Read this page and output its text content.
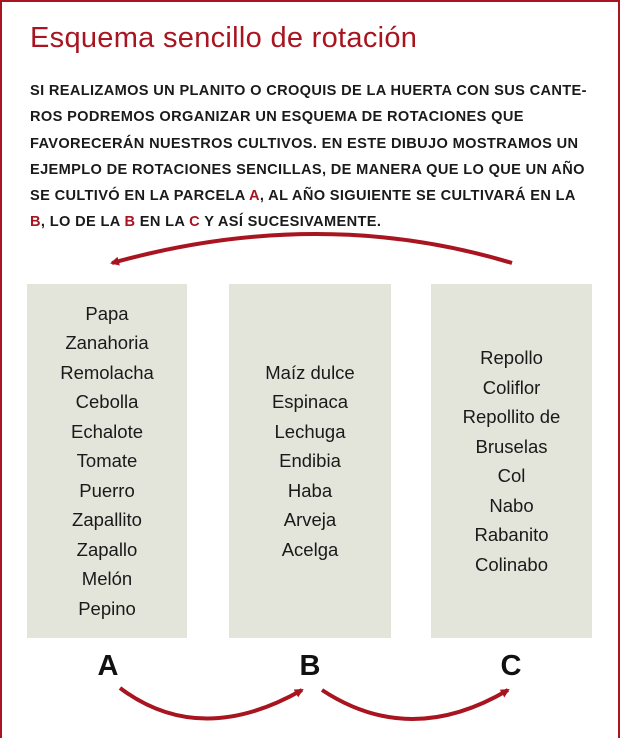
Esquema sencillo de rotación
SI REALIZAMOS UN PLANITO O CROQUIS DE LA HUERTA CON SUS CANTEROS PODREMOS ORGANIZAR UN ESQUEMA DE ROTACIONES QUE FAVORECERÁN NUESTROS CULTIVOS. EN ESTE DIBUJO MOSTRAMOS UN EJEMPLO DE ROTACIONES SENCILLAS, DE MANERA QUE LO QUE UN AÑO SE CULTIVÓ EN LA PARCELA A, AL AÑO SIGUIENTE SE CULTIVARÁ EN LA B, LO DE LA B EN LA C Y ASÍ SUCESIVAMENTE.
Papa
Zanahoria
Remolacha
Cebolla
Echalote
Tomate
Puerro
Zapallito
Zapallo
Melón
Pepino
Maíz dulce
Espinaca
Lechuga
Endibia
Haba
Arveja
Acelga
Repollo
Coliflor
Repollito de
Bruselas
Col
Nabo
Rabanito
Colinabo
A	B	C
